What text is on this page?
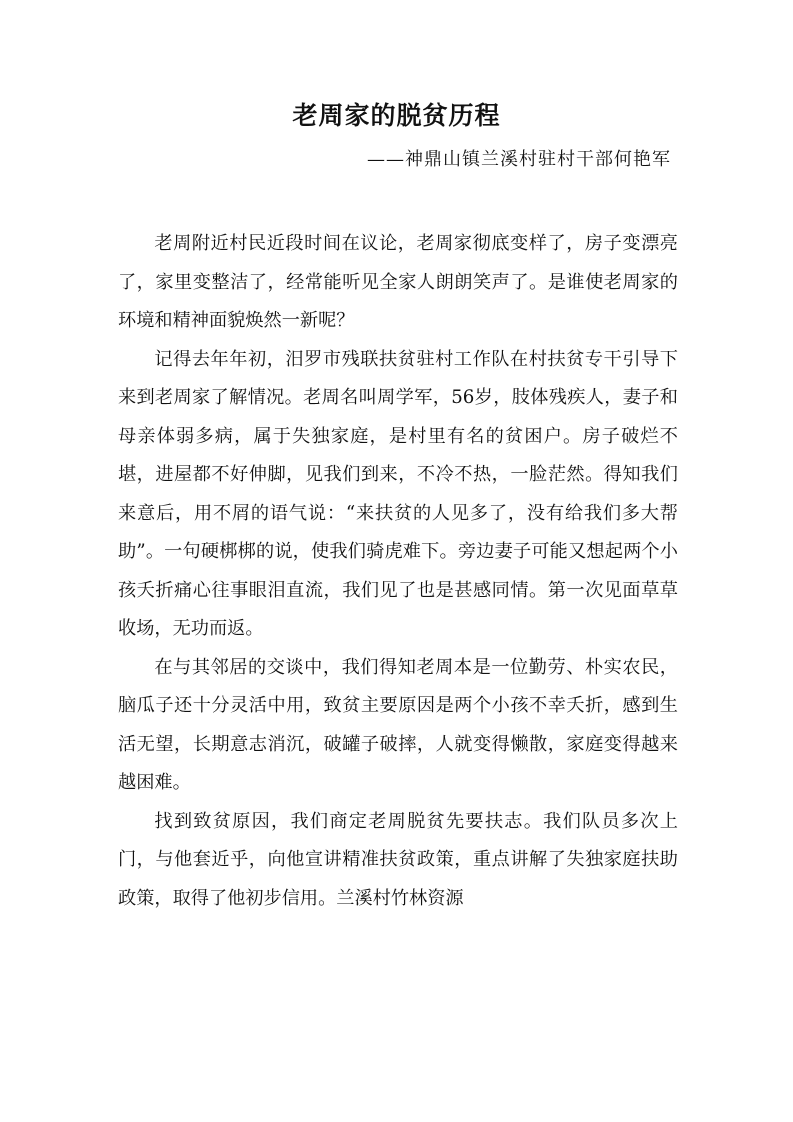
老周家的脱贫历程

——神鼎山镇兰溪村驻村干部何艳军

老周附近村民近段时间在议论，老周家彻底变样了，房子变漂亮了，家里变整洁了，经常能听见全家人朗朗笑声了。是谁使老周家的环境和精神面貌焕然一新呢？

记得去年年初，汨罗市残联扶贫驻村工作队在村扶贫专干引导下来到老周家了解情况。老周名叫周学军，56岁，肢体残疾人，妻子和母亲体弱多病，属于失独家庭，是村里有名的贫困户。房子破烂不堪，进屋都不好伸脚，见我们到来，不冷不热，一脸茫然。得知我们来意后，用不屑的语气说：“来扶贫的人见多了，没有给我们多大帮助”。一句硬梆梆的说，使我们骑虎难下。旁边妻子可能又想起两个小孩夭折痛心往事眼泪直流，我们见了也是甚感同情。第一次见面草草收场，无功而返。

在与其邻居的交谈中，我们得知老周本是一位勤劳、朴实农民，脑瓜子还十分灵活中用，致贫主要原因是两个小孩不幸夭折，感到生活无望，长期意志消沉，破罐子破摔，人就变得懒散，家庭变得越来越困难。

找到致贫原因，我们商定老周脱贫先要扶志。我们队员多次上门，与他套近乎，向他宣讲精准扶贫政策，重点讲解了失独家庭扶助政策，取得了他初步信用。兰溪村竹林资源
